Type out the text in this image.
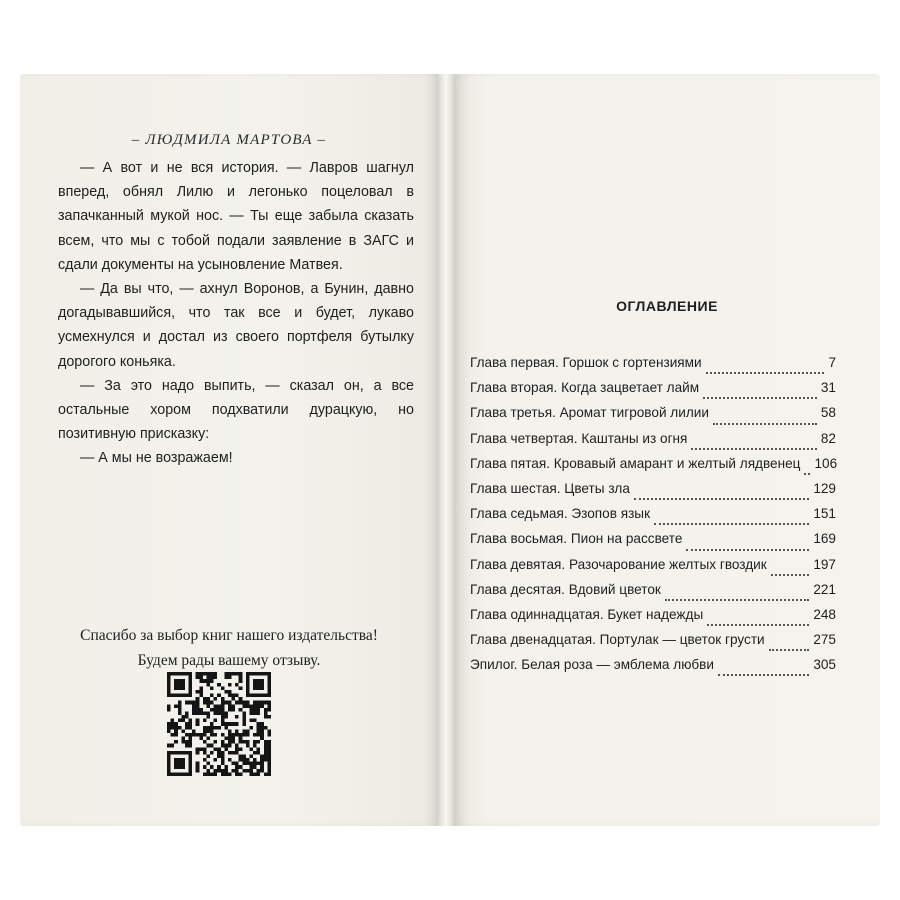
– ЛЮДМИЛА МАРТОВА –

— А вот и не вся история. — Лавров шагнул вперед, обнял Лилю и легонько поцеловал в запачканный мукой нос. — Ты еще забыла сказать всем, что мы с тобой подали заявление в ЗАГС и сдали документы на усыновление Матвея.

— Да вы что, — ахнул Воронов, а Бунин, давно догадывавшийся, что так все и будет, лукаво усмехнулся и достал из своего портфеля бутылку дорогого коньяка.

— За это надо выпить, — сказал он, а все остальные хором подхватили дурацкую, но позитивную присказку:

— А мы не возражаем!

Спасибо за выбор книг нашего издательства!
Будем рады вашему отзыву.
ОГЛАВЛЕНИЕ
Глава первая. Горшок с гортензиями	7
Глава вторая. Когда зацветает лайм	31
Глава третья. Аромат тигровой лилии	58
Глава четвертая. Каштаны из огня	82
Глава пятая. Кровавый амарант и желтый лядвенец 106
Глава шестая. Цветы зла	129
Глава седьмая. Эзопов язык	151
Глава восьмая. Пион на рассвете	169
Глава девятая. Разочарование желтых гвоздик	197
Глава десятая. Вдовий цветок	221
Глава одиннадцатая. Букет надежды	248
Глава двенадцатая. Портулак — цветок грусти	275
Эпилог. Белая роза — эмблема любви	305
